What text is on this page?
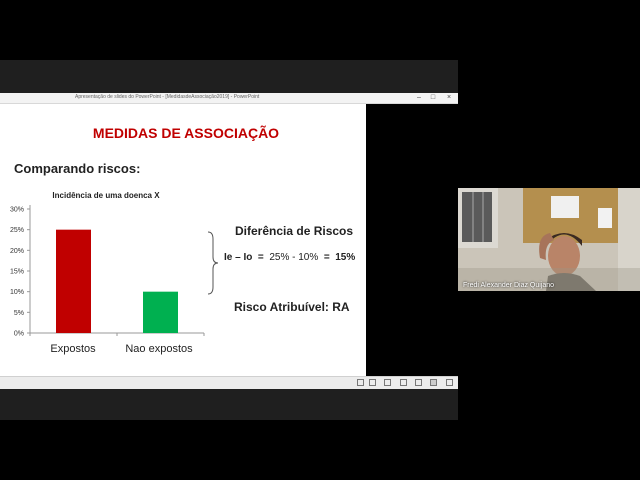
Apresentação de slides do PowerPoint - [MedidasdeAssociação2019] - PowerPoint	–	□	×
MEDIDAS DE ASSOCIAÇÃO
Comparando riscos:
Incidência de uma doenca X
0%
5%
10%
15%
20%
25%
30%
Expostos	Nao expostos
Diferência de Riscos
Ie – Io = 25% - 10% = 15%
Risco Atribuível: RA
Fredi Alexander Diaz Quijano
